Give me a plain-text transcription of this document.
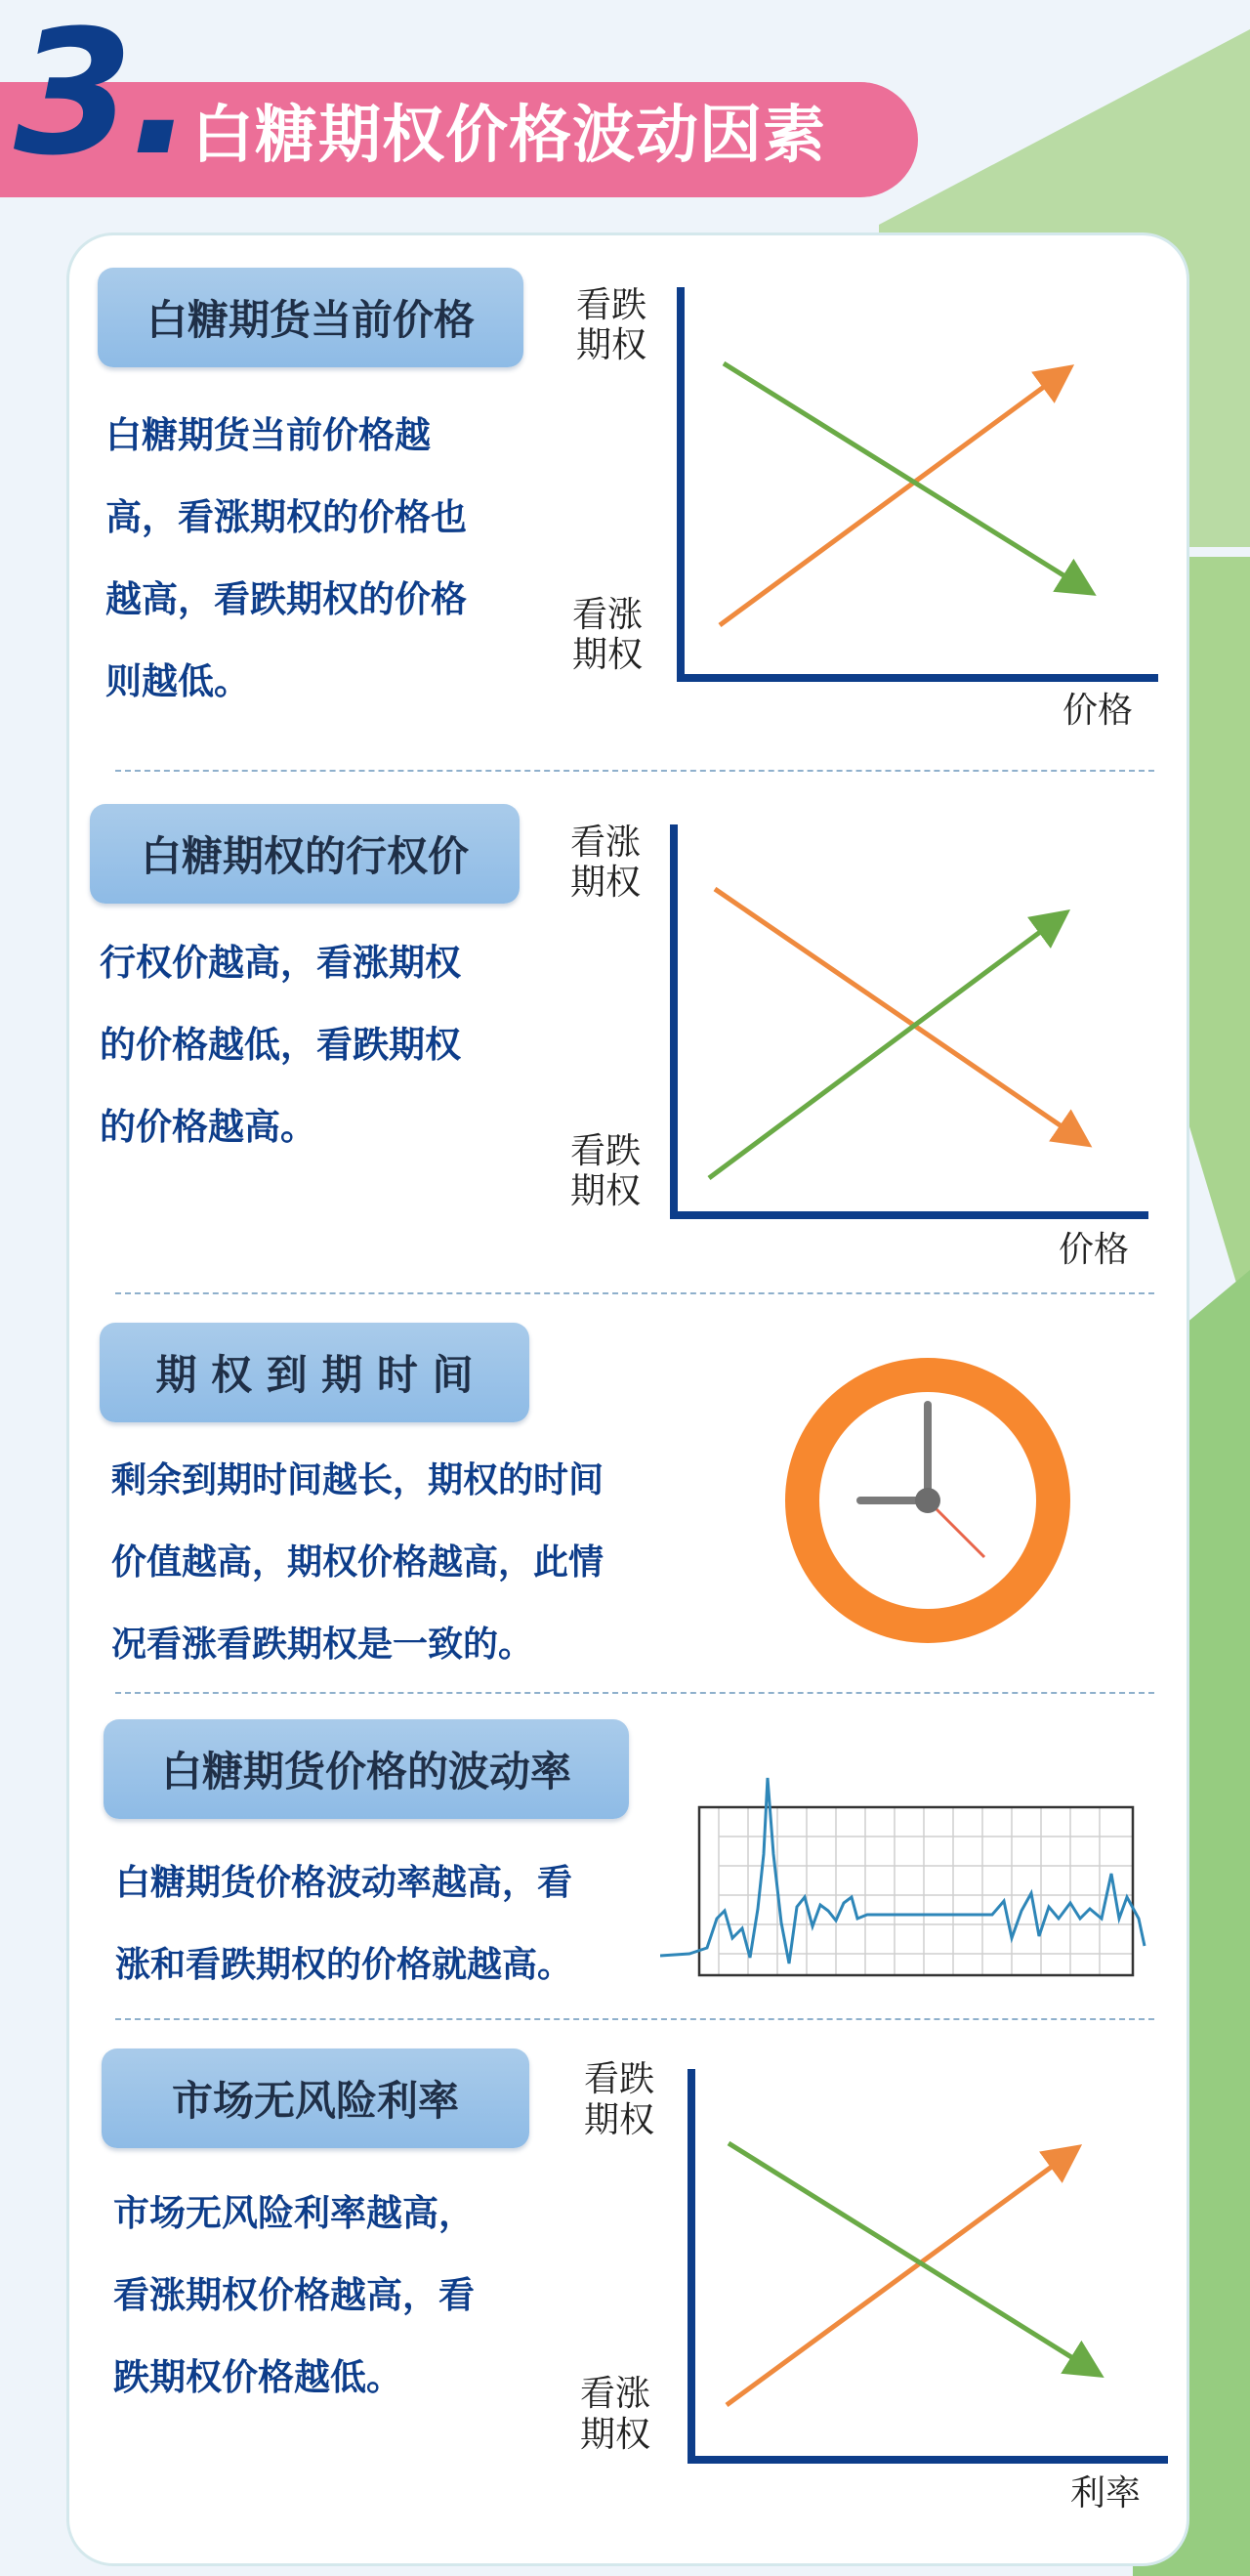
3. 白糖期权价格波动因素
白糖期货当前价格
白糖期货当前价格越
高，看涨期权的价格也
越高，看跌期权的价格
则越低。
看跌
期权
看涨
期权
价格
白糖期权的行权价
行权价越高，看涨期权
的价格越低，看跌期权
的价格越高。
看涨
期权
看跌
期权
价格
期 权 到 期 时 间
剩余到期时间越长，期权的时间
价值越高，期权价格越高，此情
况看涨看跌期权是一致的。
白糖期货价格的波动率
白糖期货价格波动率越高，看
涨和看跌期权的价格就越高。
市场无风险利率
市场无风险利率越高，
看涨期权价格越高，看
跌期权价格越低。
看跌
期权
看涨
期权
利率
